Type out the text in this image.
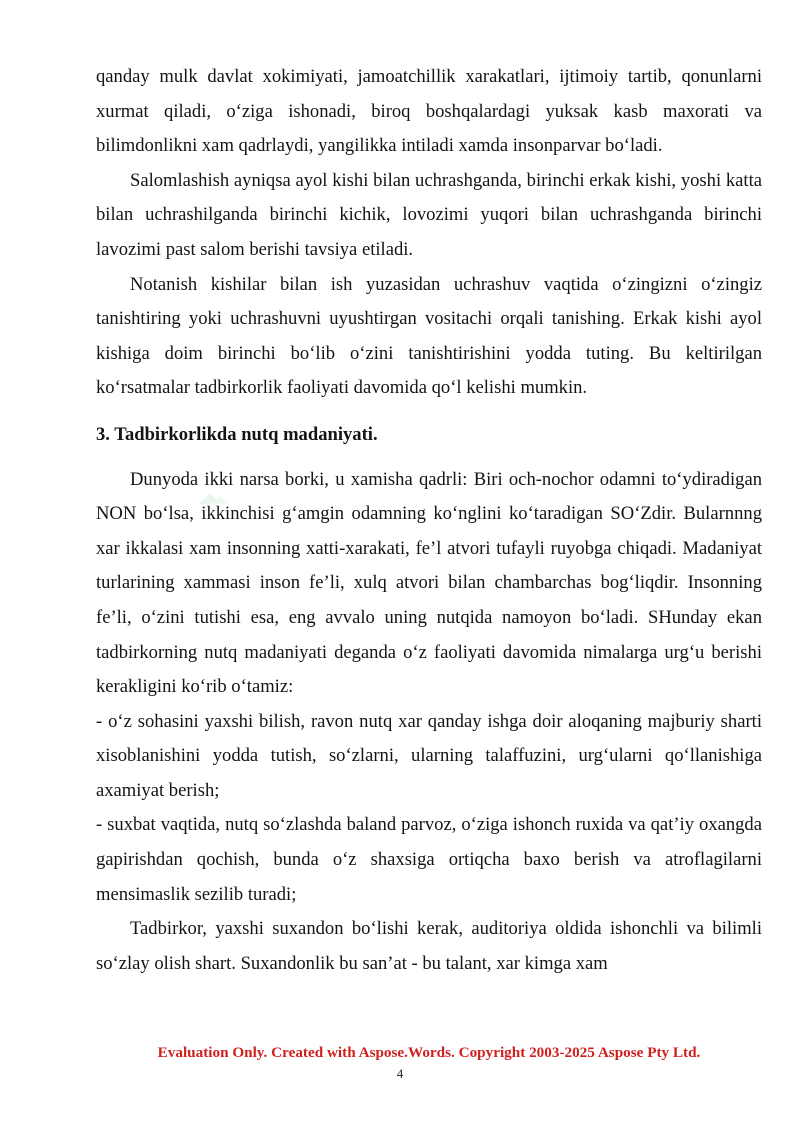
qanday mulk davlat xokimiyati, jamoatchillik xarakatlari, ijtimoiy tartib, qonunlarni xurmat qiladi, o‘ziga ishonadi, biroq boshqalardagi yuksak kasb maxorati va bilimdonlikni xam qadrlaydi, yangilikka intiladi xamda insonparvar bo‘ladi.

Salomlashish ayniqsa ayol kishi bilan uchrashganda, birinchi erkak kishi, yoshi katta bilan uchrashilganda birinchi kichik, lovozimi yuqori bilan uchrashganda birinchi lavozimi past salom berishi tavsiya etiladi.

Notanish kishilar bilan ish yuzasidan uchrashuv vaqtida o‘zingizni o‘zingiz tanishtiring yoki uchrashuvni uyushtirgan vositachi orqali tanishing. Erkak kishi ayol kishiga doim birinchi bo‘lib o‘zini tanishtirishini yodda tuting. Bu keltirilgan ko‘rsatmalar tadbirkorlik faoliyati davomida qo‘l kelishi mumkin.

3. Tadbirkorlikda nutq madaniyati.

Dunyoda ikki narsa borki, u xamisha qadrli: Biri och-nochor odamni to‘ydiradigan NON bo‘lsa, ikkinchisi g‘amgin odamning ko‘nglini ko‘taradigan SO‘Zdir. Bularnnng xar ikkalasi xam insonning xatti-xarakati, fe’l atvori tufayli ruyobga chiqadi. Madaniyat turlarining xammasi inson fe’li, xulq atvori bilan chambarchas bog‘liqdir. Insonning fe’li, o‘zini tutishi esa, eng avvalo uning nutqida namoyon bo‘ladi. SHunday ekan tadbirkorning nutq madaniyati deganda o‘z faoliyati davomida nimalarga urg‘u berishi kerakligini ko‘rib o‘tamiz:

- o‘z sohasini yaxshi bilish, ravon nutq xar qanday ishga doir aloqaning majburiy sharti xisoblanishini yodda tutish, so‘zlarni, ularning talaffuzini, urg‘ularni qo‘llanishiga axamiyat berish;

- suxbat vaqtida, nutq so‘zlashda baland parvoz, o‘ziga ishonch ruxida va qat’iy oxangda gapirishdan qochish, bunda o‘z shaxsiga ortiqcha baxo berish va atroflagilarni mensimaslik sezilib turadi;

Tadbirkor, yaxshi suxandon bo‘lishi kerak, auditoriya oldida ishonchli va bilimli so‘zlay olish shart. Suxandonlik bu san’at - bu talant, xar kimga xam

Evaluation Only. Created with Aspose.Words. Copyright 2003-2025 Aspose Pty Ltd.
4
